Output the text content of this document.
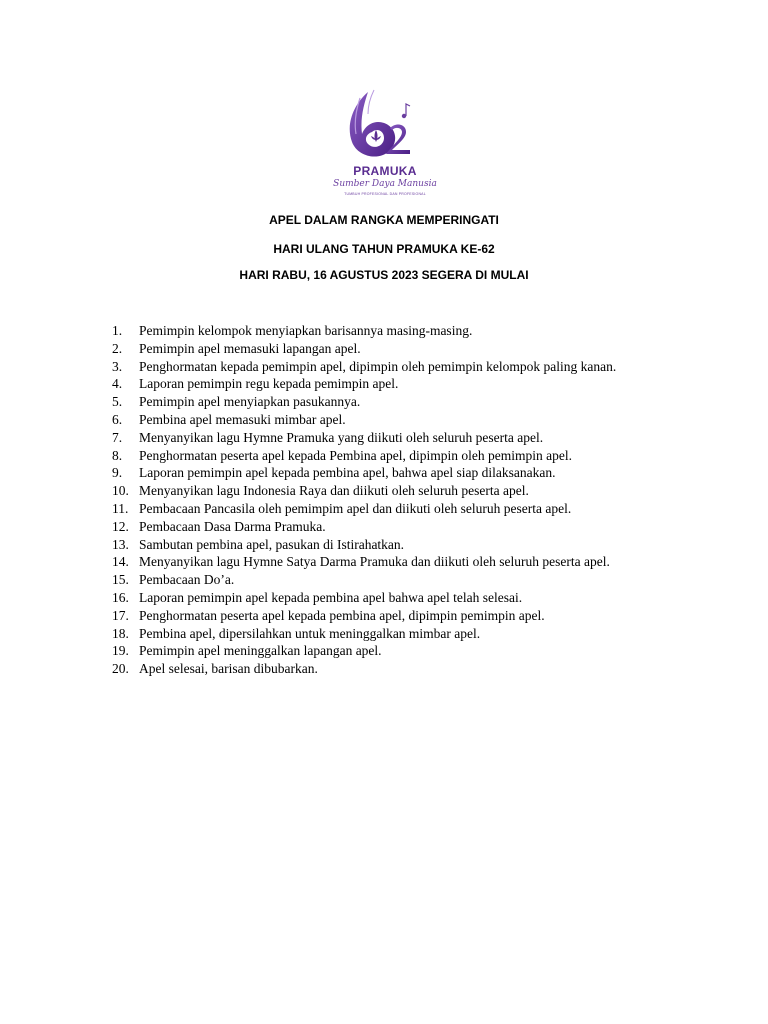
PRAMUKA
Sumber Daya Manusia
TUMBUH PROFESIONAL DAN PROFESIONAL
APEL DALAM RANGKA MEMPERINGATI
HARI ULANG TAHUN PRAMUKA KE-62
HARI RABU, 16 AGUSTUS 2023 SEGERA DI MULAI
1.	Pemimpin kelompok menyiapkan barisannya masing-masing.
2.	Pemimpin apel memasuki lapangan apel.
3.	Penghormatan kepada pemimpin apel, dipimpin oleh pemimpin kelompok paling kanan.
4.	Laporan pemimpin regu kepada pemimpin apel.
5.	Pemimpin apel menyiapkan pasukannya.
6.	Pembina apel memasuki mimbar apel.
7.	Menyanyikan lagu Hymne Pramuka yang diikuti oleh seluruh peserta apel.
8.	Penghormatan peserta apel kepada Pembina apel, dipimpin oleh pemimpin apel.
9.	Laporan pemimpin apel kepada pembina apel, bahwa apel siap dilaksanakan.
10. Menyanyikan lagu Indonesia Raya dan diikuti oleh seluruh peserta apel.
11. Pembacaan Pancasila oleh pemimpim apel dan diikuti oleh seluruh peserta apel.
12. Pembacaan Dasa Darma Pramuka.
13. Sambutan pembina apel, pasukan di Istirahatkan.
14. Menyanyikan lagu Hymne Satya Darma Pramuka dan diikuti oleh seluruh peserta apel.
15. Pembacaan Do’a.
16. Laporan pemimpin apel kepada pembina apel bahwa apel telah selesai.
17. Penghormatan peserta apel kepada pembina apel, dipimpin pemimpin apel.
18. Pembina apel, dipersilahkan untuk meninggalkan mimbar apel.
19. Pemimpin apel meninggalkan lapangan apel.
20. Apel selesai, barisan dibubarkan.
